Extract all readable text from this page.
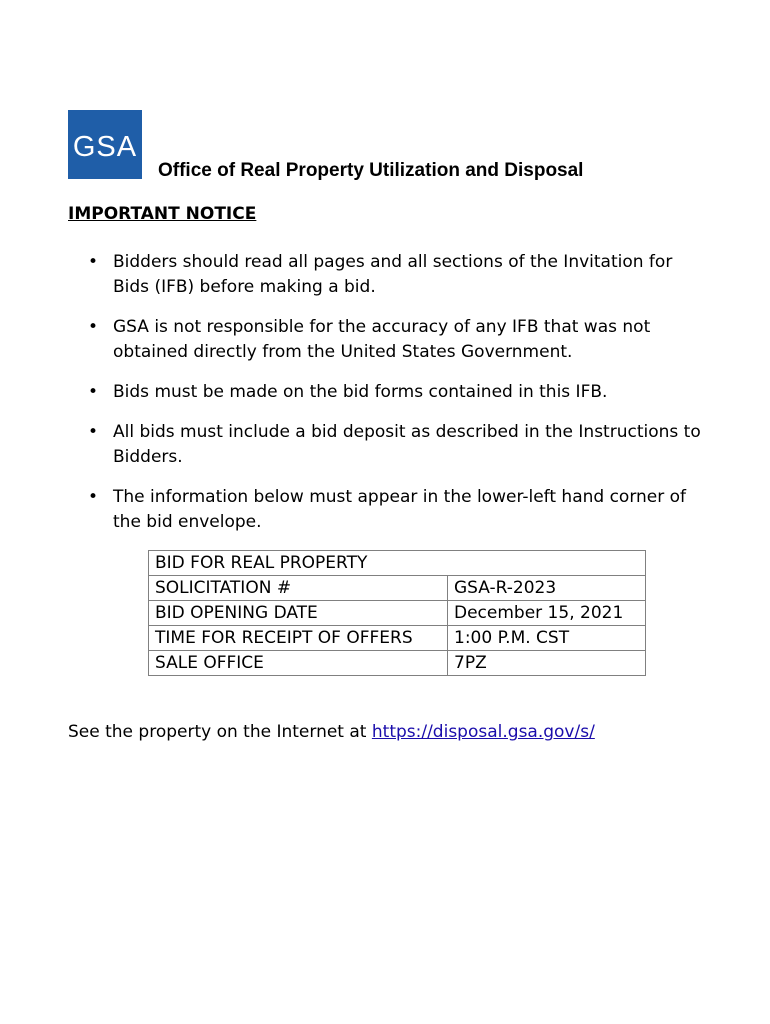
GSA
Office of Real Property Utilization and Disposal
IMPORTANT NOTICE
• Bidders should read all pages and all sections of the Invitation for Bids (IFB) before making a bid.
• GSA is not responsible for the accuracy of any IFB that was not obtained directly from the United States Government.
• Bids must be made on the bid forms contained in this IFB.
• All bids must include a bid deposit as described in the Instructions to Bidders.
• The information below must appear in the lower-left hand corner of the bid envelope.
BID FOR REAL PROPERTY	
SOLICITATION #	GSA-R-2023
BID OPENING DATE	December 15, 2021
TIME FOR RECEIPT OF OFFERS	1:00 P.M. CST
SALE OFFICE	7PZ
See the property on the Internet at https://disposal.gsa.gov/s/
